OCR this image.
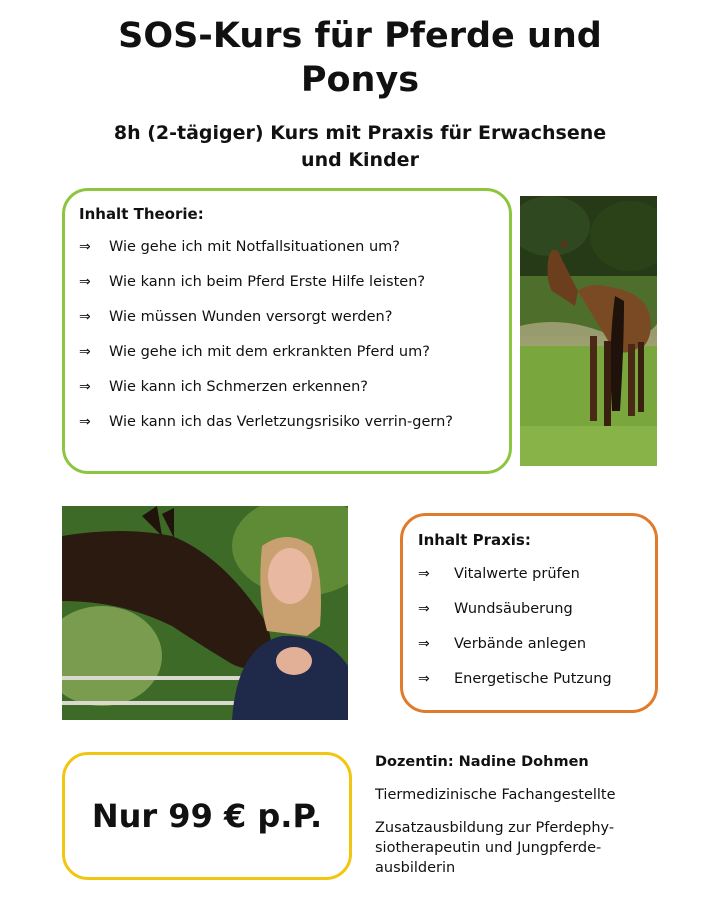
SOS-Kurs für Pferde und
Ponys
8h (2-tägiger) Kurs mit Praxis für Erwachsene
und Kinder
Inhalt Theorie:
⇒	Wie gehe ich mit Notfallsituationen um?
⇒	Wie kann ich beim Pferd Erste Hilfe leisten?
⇒	Wie müssen Wunden versorgt werden?
⇒	Wie gehe ich mit dem erkrankten Pferd um?
⇒	Wie kann ich Schmerzen erkennen?
⇒	Wie kann ich das Verletzungsrisiko verrin-gern?
Inhalt Praxis:
⇒	Vitalwerte prüfen
⇒	Wundsäuberung
⇒	Verbände anlegen
⇒	Energetische Putzung
Nur 99 € p.P.
Dozentin: Nadine Dohmen
Tiermedizinische Fachangestellte
Zusatzausbildung zur Pferdephy-siotherapeutin und Jungpferde-ausbilderin
